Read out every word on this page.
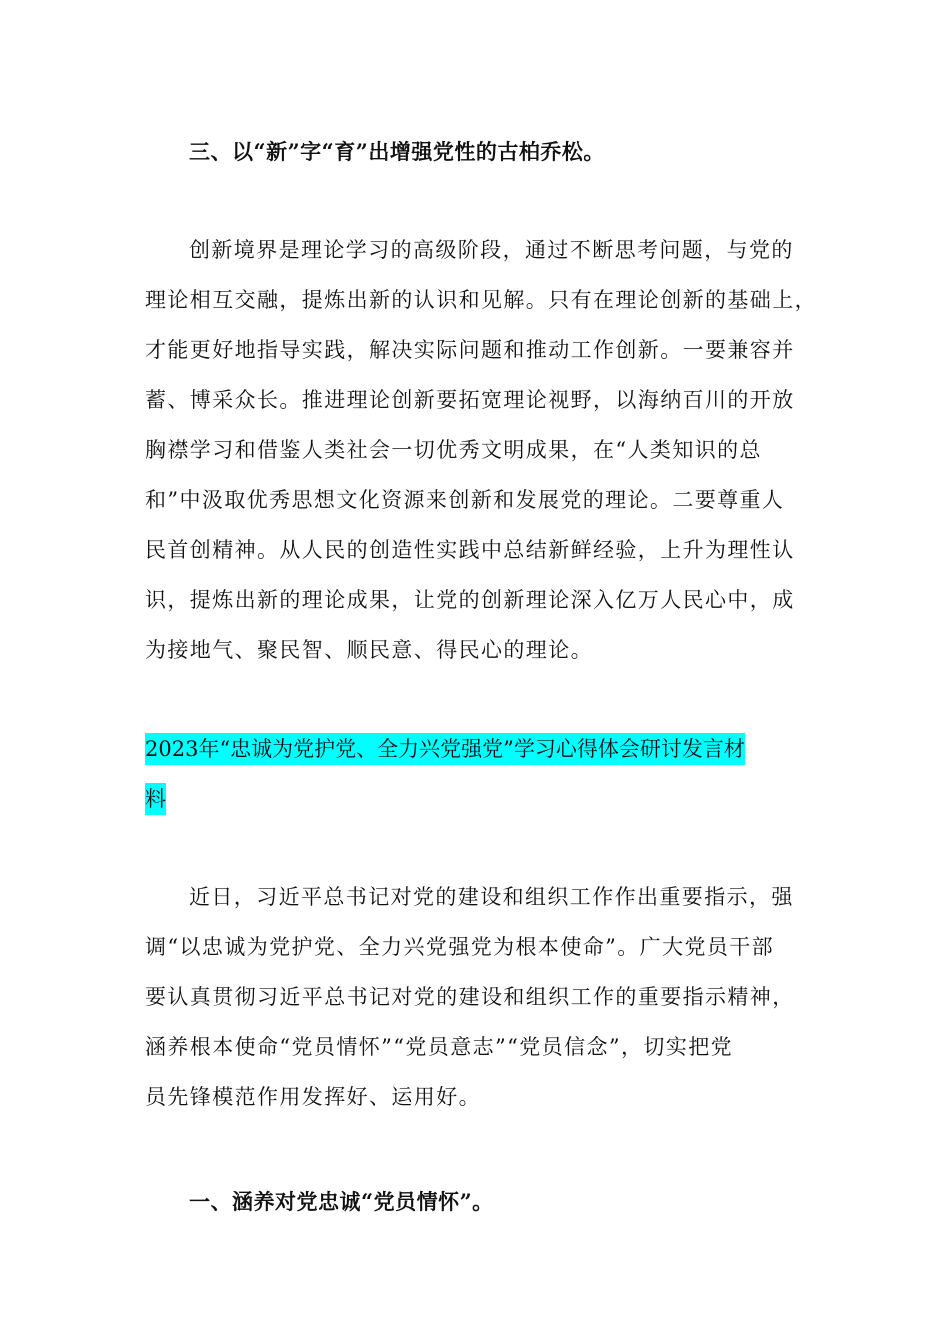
三、以“新”字“育”出增强党性的古柏乔松。
创新境界是理论学习的高级阶段，通过不断思考问题，与党的
理论相互交融，提炼出新的认识和见解。只有在理论创新的基础上，
才能更好地指导实践，解决实际问题和推动工作创新。一要兼容并
蓄、博采众长。推进理论创新要拓宽理论视野，以海纳百川的开放
胸襟学习和借鉴人类社会一切优秀文明成果，在“人类知识的总
和”中汲取优秀思想文化资源来创新和发展党的理论。二要尊重人
民首创精神。从人民的创造性实践中总结新鲜经验，上升为理性认
识，提炼出新的理论成果，让党的创新理论深入亿万人民心中，成
为接地气、聚民智、顺民意、得民心的理论。
2023年“忠诚为党护党、全力兴党强党”学习心得体会研讨发言材
料
近日，习近平总书记对党的建设和组织工作作出重要指示，强
调“以忠诚为党护党、全力兴党强党为根本使命”。广大党员干部
要认真贯彻习近平总书记对党的建设和组织工作的重要指示精神，
涵养根本使命“党员情怀”“党员意志”“党员信念”，切实把党
员先锋模范作用发挥好、运用好。
一、涵养对党忠诚“党员情怀”。
